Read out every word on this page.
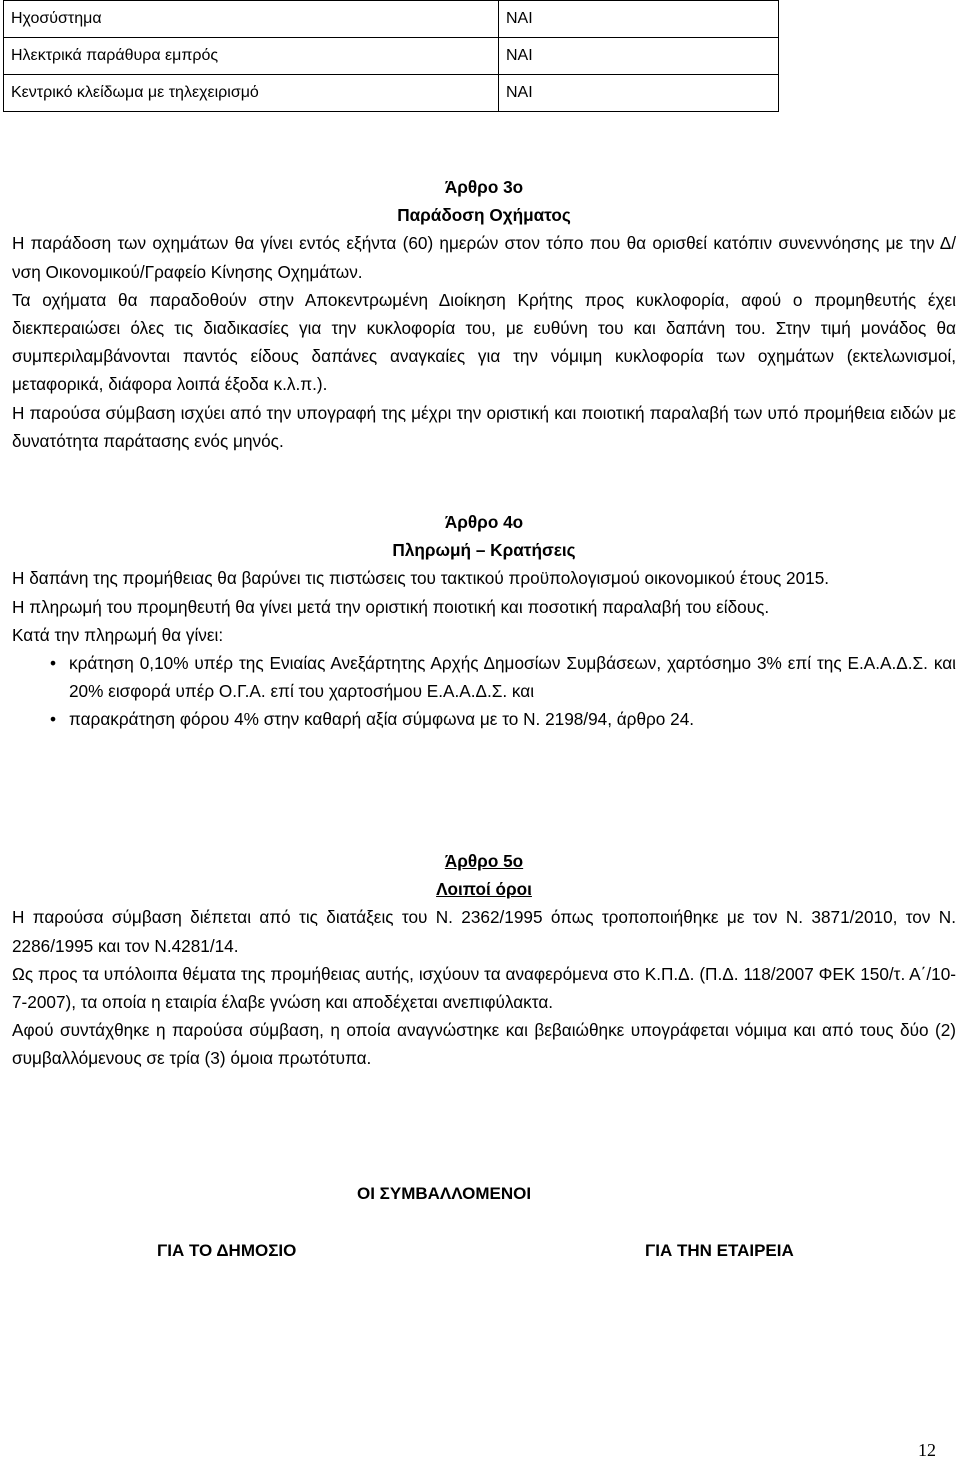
Ηχοσύστημα	ΝΑΙ
Ηλεκτρικά παράθυρα εμπρός	ΝΑΙ
Κεντρικό κλείδωμα με τηλεχειρισμό	ΝΑΙ
Άρθρο 3ο
Παράδοση Οχήματος

Η παράδοση των οχημάτων θα γίνει εντός εξήντα (60) ημερών στον τόπο που θα ορισθεί κατόπιν συνεννόησης με την Δ/νση Οικονομικού/Γραφείο Κίνησης Οχημάτων.

Τα οχήματα θα παραδοθούν στην Αποκεντρωμένη Διοίκηση Κρήτης προς κυκλοφορία, αφού ο προμηθευτής έχει διεκπεραιώσει όλες τις διαδικασίες για την κυκλοφορία του, με ευθύνη του και δαπάνη του. Στην τιμή μονάδος θα συμπεριλαμβάνονται παντός είδους δαπάνες αναγκαίες για την νόμιμη κυκλοφορία των οχημάτων (εκτελωνισμοί, μεταφορικά, διάφορα λοιπά έξοδα κ.λ.π.).

Η παρούσα σύμβαση ισχύει από την υπογραφή της μέχρι την οριστική και ποιοτική παραλαβή των υπό προμήθεια ειδών με δυνατότητα παράτασης ενός μηνός.

Άρθρο 4ο
Πληρωμή – Κρατήσεις

Η δαπάνη της προμήθειας θα βαρύνει τις πιστώσεις του τακτικού προϋπολογισμού οικονομικού έτους 2015.

Η πληρωμή του προμηθευτή θα γίνει μετά την οριστική ποιοτική και ποσοτική παραλαβή του είδους.

Κατά την πληρωμή θα γίνει:

• κράτηση 0,10% υπέρ της Ενιαίας Ανεξάρτητης Αρχής Δημοσίων Συμβάσεων, χαρτόσημο 3% επί της Ε.Α.Α.Δ.Σ. και 20% εισφορά υπέρ Ο.Γ.Α. επί του χαρτοσήμου Ε.Α.Α.Δ.Σ. και
• παρακράτηση φόρου 4% στην καθαρή αξία σύμφωνα με το Ν. 2198/94, άρθρο 24.
Άρθρο 5ο
Λοιποί όροι

Η παρούσα σύμβαση διέπεται από τις διατάξεις του Ν. 2362/1995 όπως τροποποιήθηκε με τον Ν. 3871/2010, τον Ν. 2286/1995 και τον Ν.4281/14.

Ως προς τα υπόλοιπα θέματα της προμήθειας αυτής, ισχύουν τα αναφερόμενα στο Κ.Π.Δ. (Π.Δ. 118/2007 ΦΕΚ 150/τ. Α΄/10-7-2007), τα οποία η εταιρία έλαβε γνώση και αποδέχεται ανεπιφύλακτα.

Αφού συντάχθηκε η παρούσα σύμβαση, η οποία αναγνώστηκε και βεβαιώθηκε υπογράφεται νόμιμα και από τους δύο (2) συμβαλλόμενους σε τρία (3) όμοια πρωτότυπα.

ΟΙ ΣΥΜΒΑΛΛΟΜΕΝΟΙ
ΓΙΑ ΤΟ ΔΗΜΟΣΙΟ	ΓΙΑ ΤΗΝ ΕΤΑΙΡΕΙΑ
12
